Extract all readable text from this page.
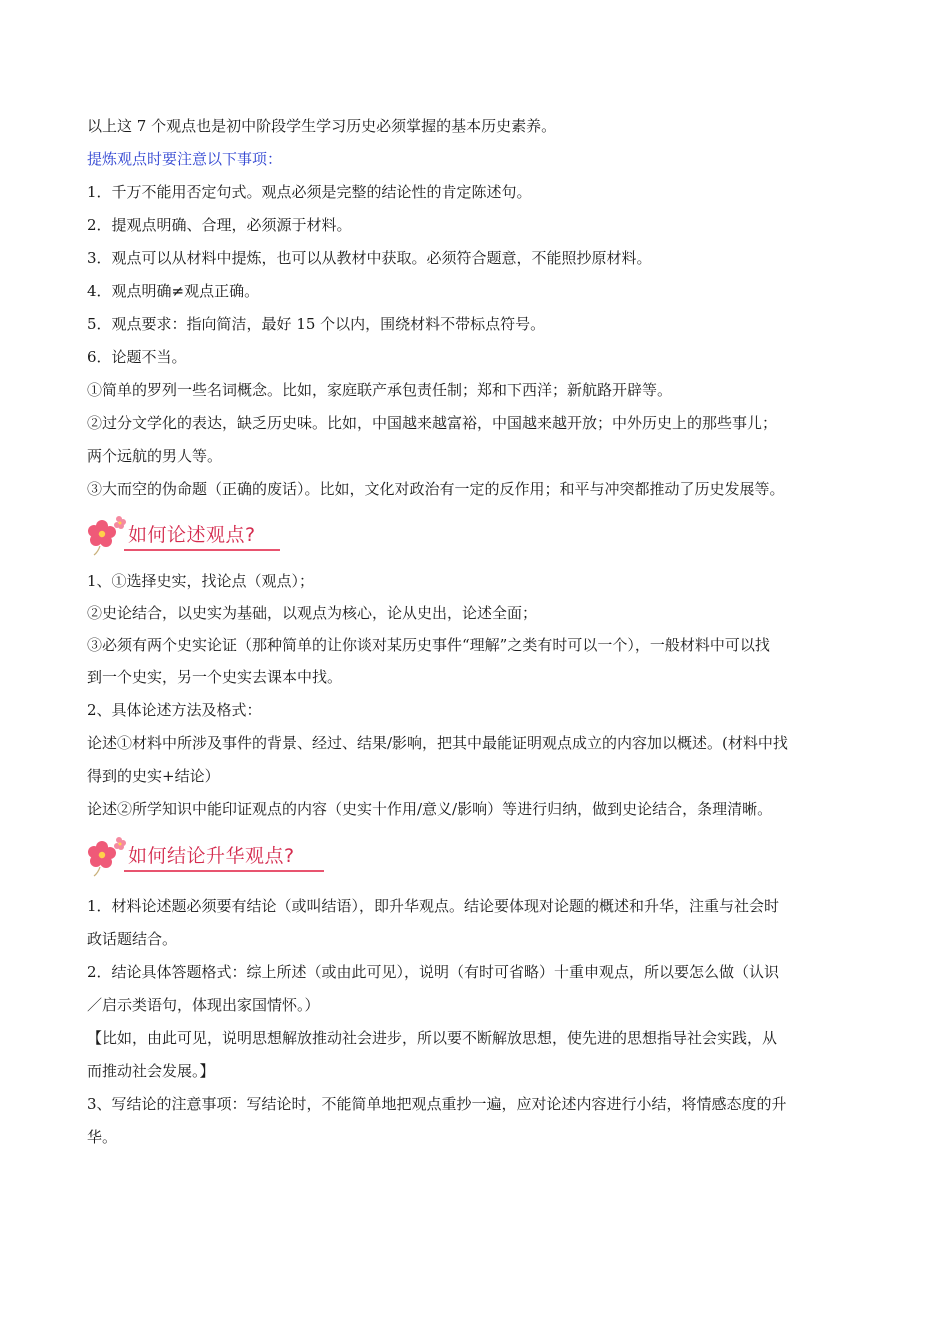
以上这 7 个观点也是初中阶段学生学习历史必须掌握的基本历史素养。
提炼观点时要注意以下事项：
1．千万不能用否定句式。观点必须是完整的结论性的肯定陈述句。
2．提观点明确、合理，必须源于材料。
3．观点可以从材料中提炼，也可以从教材中获取。必须符合题意，不能照抄原材料。
4．观点明确≠观点正确。
5．观点要求：指向简洁，最好 15 个以内，围绕材料不带标点符号。
6．论题不当。
①简单的罗列一些名词概念。比如，家庭联产承包责任制；郑和下西洋；新航路开辟等。
②过分文学化的表达，缺乏历史味。比如，中国越来越富裕，中国越来越开放；中外历史上的那些事儿；
两个远航的男人等。
③大而空的伪命题（正确的废话）。比如，文化对政治有一定的反作用；和平与冲突都推动了历史发展等。
如何论述观点?
1、①选择史实，找论点（观点）；
②史论结合，以史实为基础，以观点为核心，论从史出，论述全面；
③必须有两个史实论证（那种简单的让你谈对某历史事件“理解”之类有时可以一个），一般材料中可以找
到一个史实，另一个史实去课本中找。
2、具体论述方法及格式：
论述①材料中所涉及事件的背景、经过、结果/影响，把其中最能证明观点成立的内容加以概述。(材料中找
得到的史实+结论）
论述②所学知识中能印证观点的内容（史实十作用/意义/影响）等进行归纳，做到史论结合，条理清晰。
如何结论升华观点?
1．材料论述题必须要有结论（或叫结语），即升华观点。结论要体现对论题的概述和升华，注重与社会时
政话题结合。
2．结论具体答题格式：综上所述（或由此可见），说明（有时可省略）十重申观点，所以要怎么做（认识
／启示类语句，体现出家国情怀。）
【比如，由此可见，说明思想解放推动社会进步，所以要不断解放思想，使先进的思想指导社会实践，从
而推动社会发展。】
3、写结论的注意事项：写结论时，不能简单地把观点重抄一遍，应对论述内容进行小结，将情感态度的升
华。
